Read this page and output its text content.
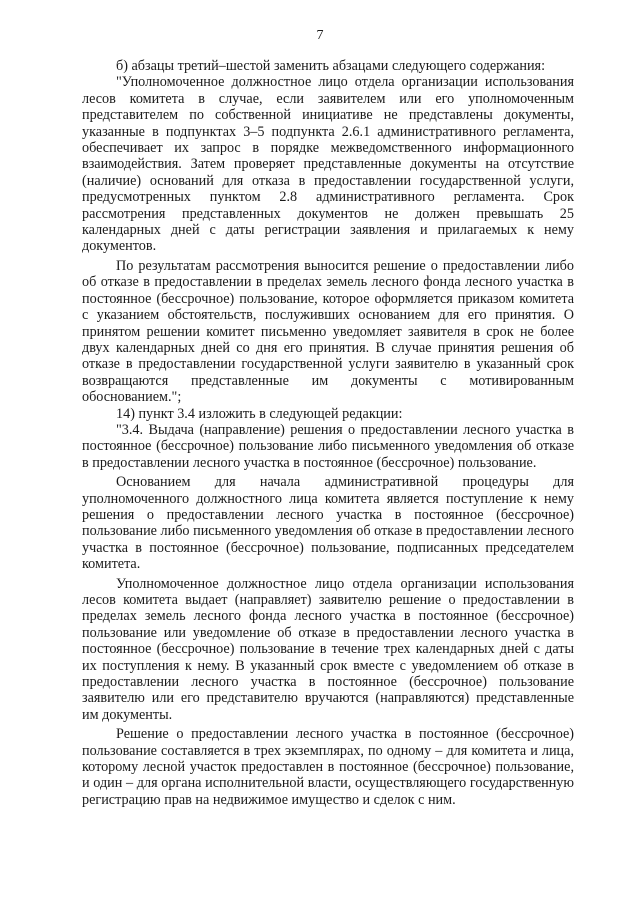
7

б) абзацы третий–шестой заменить абзацами следующего содержания:

"Уполномоченное должностное лицо отдела организации использования лесов комитета в случае, если заявителем или его уполномоченным представителем по собственной инициативе не представлены документы, указанные в подпунктах 3–5 подпункта 2.6.1 административного регламента, обеспечивает их запрос в порядке межведомственного информационного взаимодействия. Затем проверяет представленные документы на отсутствие (наличие) оснований для отказа в предоставлении государственной услуги, предусмотренных пунктом 2.8 административного регламента. Срок рассмотрения представленных документов не должен превышать 25 календарных дней с даты регистрации заявления и прилагаемых к нему документов.

По результатам рассмотрения выносится решение о предоставлении либо об отказе в предоставлении в пределах земель лесного фонда лесного участка в постоянное (бессрочное) пользование, которое оформляется приказом комитета с указанием обстоятельств, послуживших основанием для его принятия. О принятом решении комитет письменно уведомляет заявителя в срок не более двух календарных дней со дня его принятия. В случае принятия решения об отказе в предоставлении государственной услуги заявителю в указанный срок возвращаются представленные им документы с мотивированным обоснованием.";

14) пункт 3.4 изложить в следующей редакции:

"3.4. Выдача (направление) решения о предоставлении лесного участка в постоянное (бессрочное) пользование либо письменного уведомления об отказе в предоставлении лесного участка в постоянное (бессрочное) пользование.

Основанием для начала административной процедуры для уполномоченного должностного лица комитета является поступление к нему решения о предоставлении лесного участка в постоянное (бессрочное) пользование либо письменного уведомления об отказе в предоставлении лесного участка в постоянное (бессрочное) пользование, подписанных председателем комитета.

Уполномоченное должностное лицо отдела организации использования лесов комитета выдает (направляет) заявителю решение о предоставлении в пределах земель лесного фонда лесного участка в постоянное (бессрочное) пользование или уведомление об отказе в предоставлении лесного участка в постоянное (бессрочное) пользование в течение трех календарных дней с даты их поступления к нему. В указанный срок вместе с уведомлением об отказе в предоставлении лесного участка в постоянное (бессрочное) пользование заявителю или его представителю вручаются (направляются) представленные им документы.

Решение о предоставлении лесного участка в постоянное (бессрочное) пользование составляется в трех экземплярах, по одному – для комитета и лица, которому лесной участок предоставлен в постоянное (бессрочное) пользование, и один – для органа исполнительной власти, осуществляющего государственную регистрацию прав на недвижимое имущество и сделок с ним.
